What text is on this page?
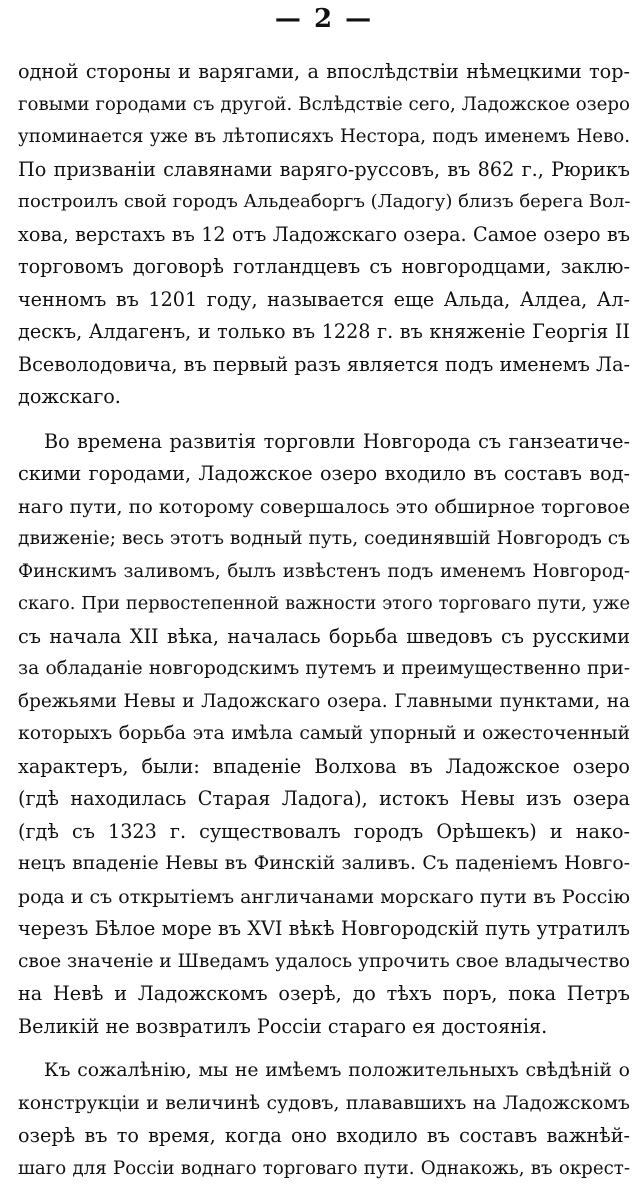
— 2 —
одной стороны и варягами, а впослѣдствіи нѣмецкими тор-
говыми городами съ другой. Вслѣдствіе сего, Ладожское озеро
упоминается уже въ лѣтописяхъ Нестора, подъ именемъ Нево.
По призваніи славянами варяго-руссовъ, въ 862 г., Рюрикъ
построилъ свой городъ Альдеаборгъ (Ладогу) близъ берега Вол-
хова, верстахъ въ 12 отъ Ладожскаго озера. Самое озеро въ
торговомъ договорѣ готландцевъ съ новгородцами, заклю-
ченномъ въ 1201 году, называется еще Альда, Алдеа, Ал-
дескъ, Алдагенъ, и только въ 1228 г. въ княженіе Георгія II
Всеволодовича, въ первый разъ является подъ именемъ Ла-
дожскаго.
Во времена развитія торговли Новгорода съ ганзеатиче-
скими городами, Ладожское озеро входило въ составъ вод-
наго пути, по которому совершалось это обширное торговое
движеніе; весь этотъ водный путь, соединявшій Новгородъ съ
Финскимъ заливомъ, былъ извѣстенъ подъ именемъ Новгород-
скаго. При первостепенной важности этого торговаго пути, уже
съ начала XII вѣка, началась борьба шведовъ съ русскими
за обладаніе новгородскимъ путемъ и преимущественно при-
брежьями Невы и Ладожскаго озера. Главными пунктами, на
которыхъ борьба эта имѣла самый упорный и ожесточенный
характеръ, были: впаденіе Волхова въ Ладожское озеро
(гдѣ находилась Старая Ладога), истокъ Невы изъ озера
(гдѣ съ 1323 г. существовалъ городъ Орѣшекъ) и нако-
нецъ впаденіе Невы въ Финскій заливъ. Съ паденіемъ Новго-
рода и съ открытіемъ англичанами морскаго пути въ Россію
черезъ Бѣлое море въ XVI вѣкѣ Новгородскій путь утратилъ
свое значеніе и Шведамъ удалось упрочить свое владычество
на Невѣ и Ладожскомъ озерѣ, до тѣхъ поръ, пока Петръ
Великій не возвратилъ Россіи стараго ея достоянія.
Къ сожалѣнію, мы не имѣемъ положительныхъ свѣдѣній о
конструкціи и величинѣ судовъ, плававшихъ на Ладожскомъ
озерѣ въ то время, когда оно входило въ составъ важнѣй-
шаго для Россіи воднаго торговаго пути. Однакожь, въ окрест-
